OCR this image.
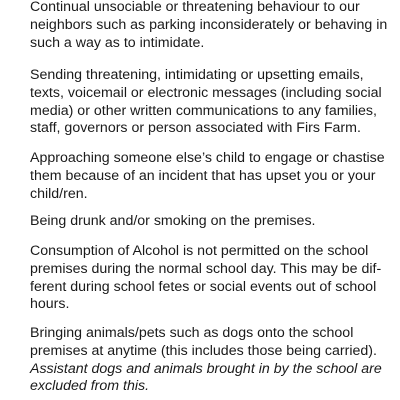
Continual unsociable or threatening behaviour to our
neighbors such as parking inconsiderately or behaving in
such a way as to intimidate.

Sending threatening, intimidating or upsetting emails,
texts, voicemail or electronic messages (including social
media) or other written communications to any families,
staff, governors or person associated with Firs Farm.

Approaching someone else’s child to engage or chastise
them because of an incident that has upset you or your
child/ren.

Being drunk and/or smoking on the premises.

Consumption of Alcohol is not permitted on the school
premises during the normal school day. This may be dif-
ferent during school fetes or social events out of school
hours.

Bringing animals/pets such as dogs onto the school
premises at anytime (this includes those being carried).
Assistant dogs and animals brought in by the school are
excluded from this.
